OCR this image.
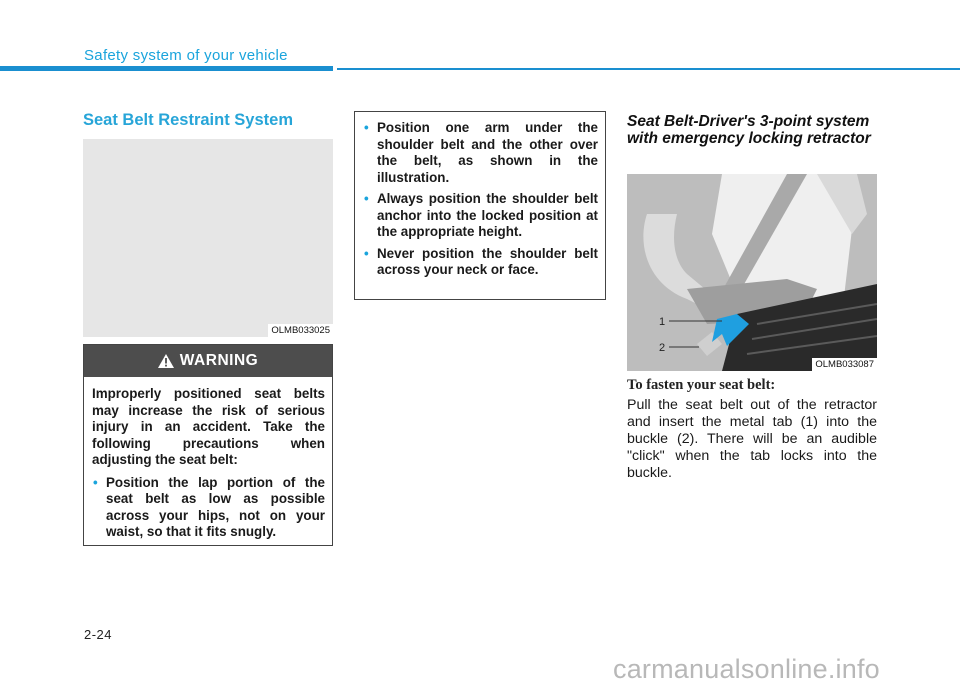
Safety system of your vehicle
Seat Belt Restraint System
OLMB033025
WARNING
Improperly positioned seat belts may increase the risk of serious injury in an accident. Take the following precautions when adjusting the seat belt:
• Position the lap portion of the seat belt as low as possible across your hips, not on your waist, so that it fits snugly.
• Position one arm under the shoulder belt and the other over the belt, as shown in the illustration.
• Always position the shoulder belt anchor into the locked position at the appropriate height.
• Never position the shoulder belt across your neck or face.
Seat Belt-Driver's 3-point system with emergency locking retractor
1
2
OLMB033087
To fasten your seat belt:
Pull the seat belt out of the retractor and insert the metal tab (1) into the buckle (2). There will be an audible "click" when the tab locks into the buckle.
2-24
carmanualsonline.info
